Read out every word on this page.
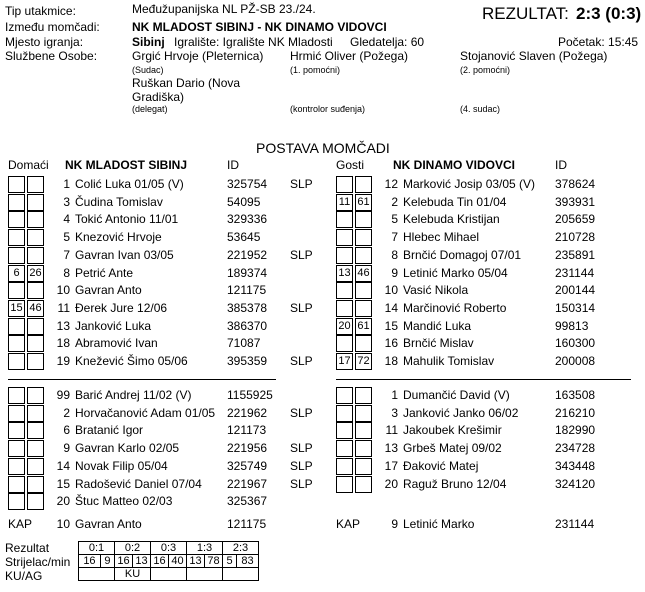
Tip utakmice:	Međužupanijska NL PŽ-SB 23./24.	REZULTAT: 2:3 (0:3)
Između momčadi:	NK MLADOST SIBINJ - NK DINAMO VIDOVCI
Mjesto igranja:	Sibinj Igralište: Igralište NK Mladosti Gledatelja: 60	Početak: 15:45
Službene Osobe:	Grgić Hrvoje (Pleternica)
(Sudac)
Hrmić Oliver (Požega)
(1. pomoćni)
Stojanović Slaven (Požega)
(2. pomoćni)
Ruškan Dario (Nova
Gradiška)
(delegat)	(kontrolor suđenja)	(4. sudac)
POSTAVA MOMČADI
Domaći NK MLADOST SIBINJ	ID
1 Colić Luka 01/05 (V)	325754 SLP
3 Čudina Tomislav	54095
4 Tokić Antonio 11/01	329336
5 Knezović Hrvoje	53645
7 Gavran Ivan 03/05	221952 SLP
6 26	8 Petrić Ante	189374
10 Gavran Anto	121175
15 46	11 Đerek Jure 12/06	385378 SLP
13 Janković Luka	386370
18 Abramović Ivan	71087
19 Knežević Šimo 05/06	395359 SLP
99 Barić Andrej 11/02 (V)	1155925
2 Horvačanović Adam 01/05 221962 SLP
6 Bratanić Igor	121173
9 Gavran Karlo 02/05	221956 SLP
14 Novak Filip 05/04	325749 SLP
15 Radošević Daniel 07/04 221967 SLP
20 Štuc Matteo 02/03	325367
KAP	10 Gavran Anto	121175
Gosti NK DINAMO VIDOVCI	ID
12 Marković Josip 03/05 (V) 378624
11 61	2 Kelebuda Tin 01/04	393931
5 Kelebuda Kristijan	205659
7 Hlebec Mihael	210728
8 Brnčić Domagoj 07/01	235891
13 46	9 Letinić Marko 05/04	231144
10 Vasić Nikola	200144
14 Marčinović Roberto	150314
20 61	15 Mandić Luka	99813
16 Brnčić Mislav	160300
17 72	18 Mahulik Tomislav	200008
1 Dumančić David (V)	163508
3 Janković Janko 06/02	216210
11 Jakoubek Krešimir	182990
13 Grbeš Matej 09/02	234728
17 Đaković Matej	343448
20 Raguž Bruno 12/04	324120
KAP	9 Letinić Marko	231144
Rezultat
Strijelac/min
KU/AG
0:1		0:2		0:3		1:3		2:3	
16	9	16	13	16	40	13	78	5	83
		KU							
